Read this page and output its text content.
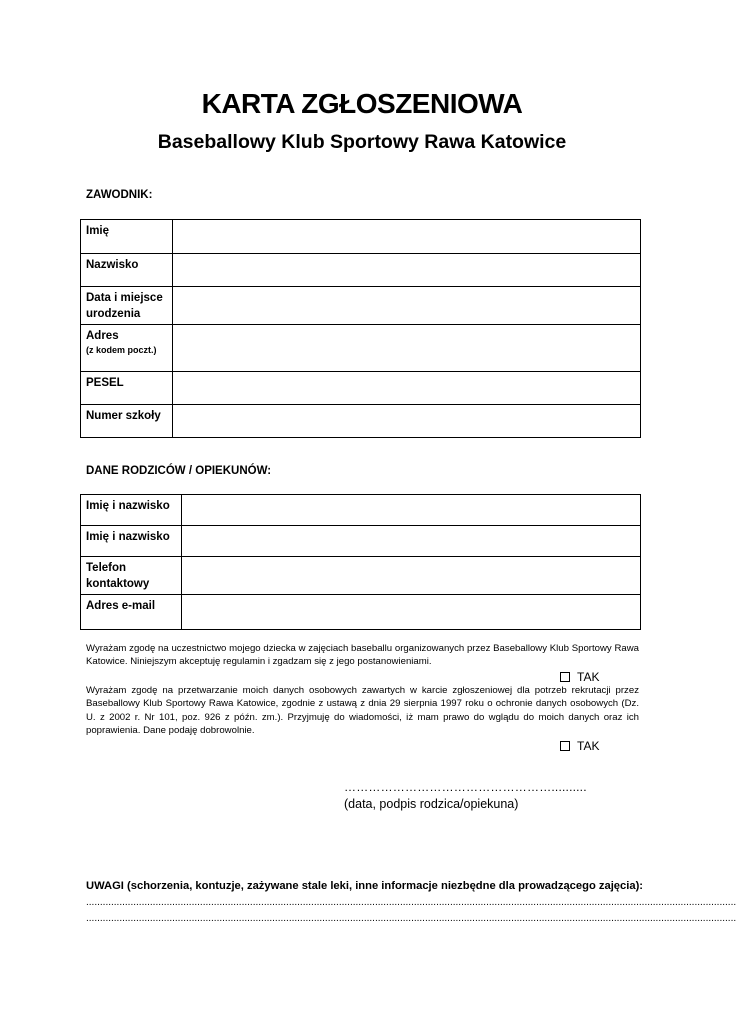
KARTA ZGŁOSZENIOWA
Baseballowy Klub Sportowy Rawa Katowice
ZAWODNIK:
Imię	
Nazwisko	
Data i miejsce urodzenia	
Adres
(z kodem poczt.)

PESEL	
Numer szkoły	
DANE RODZICÓW / OPIEKUNÓW:
Imię i nazwisko	
Imię i nazwisko	
Telefon kontaktowy	
Adres e-mail	
Wyrażam zgodę na uczestnictwo mojego dziecka w zajęciach baseballu organizowanych przez Baseballowy Klub Sportowy Rawa Katowice. Niniejszym akceptuję regulamin i zgadzam się z jego postanowieniami.
TAK
Wyrażam zgodę na przetwarzanie moich danych osobowych zawartych w karcie zgłoszeniowej dla potrzeb rekrutacji przez Baseballowy Klub Sportowy Rawa Katowice, zgodnie z ustawą z dnia 29 sierpnia 1997 roku o ochronie danych osobowych (Dz. U. z 2002 r. Nr 101, poz. 926 z późn. zm.). Przyjmuję do wiadomości, iż mam prawo do wglądu do moich danych oraz ich poprawienia. Dane podaję dobrowolnie.
TAK
……………………………………………..........
(data, podpis rodzica/opiekuna)
UWAGI (schorzenia, kontuzje, zażywane stale leki, inne informacje niezbędne dla prowadzącego zajęcia):
..........................................................................................................................................................................................................................................
..........................................................................................................................................................................................................................................
